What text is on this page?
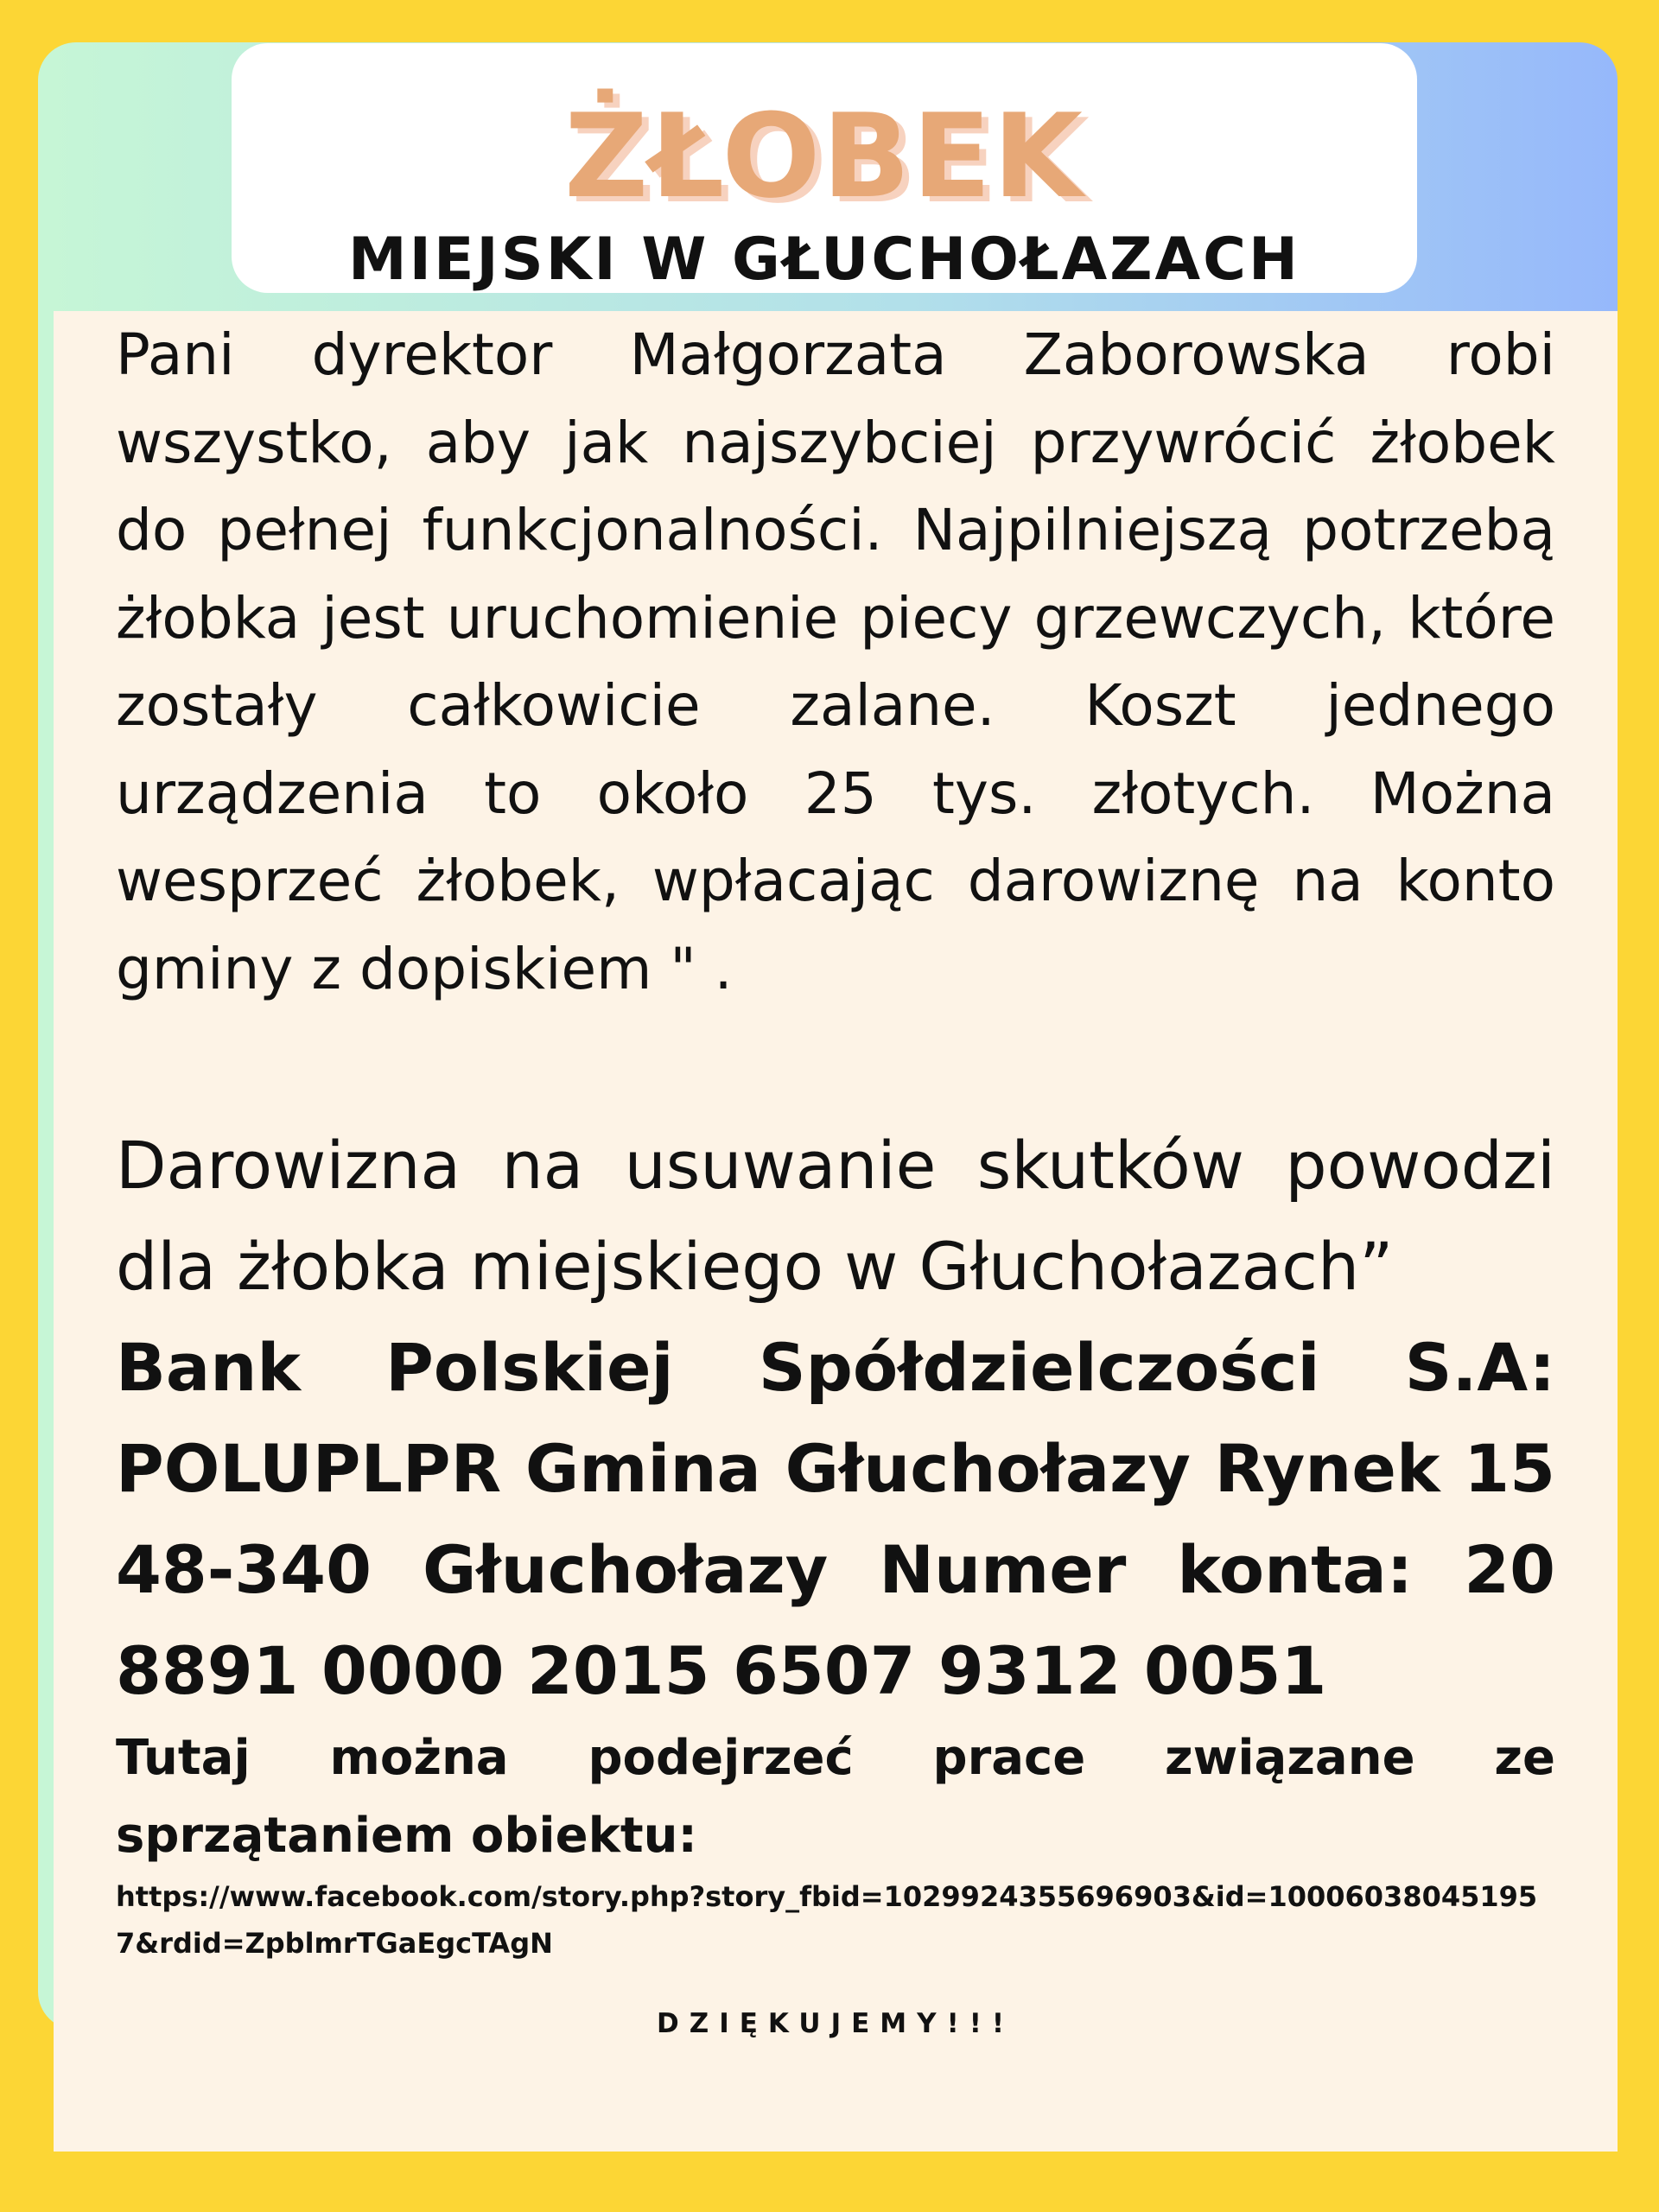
ŻŁOBEK
MIEJSKI W GŁUCHOŁAZACH

Pani dyrektor Małgorzata Zaborowska robi wszystko, aby jak najszybciej przywrócić żłobek do pełnej funkcjonalności. Najpilniejszą potrzebą żłobka jest uruchomienie piecy grzewczych, które zostały całkowicie zalane. Koszt jednego urządzenia to około 25 tys. złotych. Można wesprzeć żłobek, wpłacając darowiznę na konto gminy z dopiskiem " .

Darowizna na usuwanie skutków powodzi dla żłobka miejskiego w Głuchołazach”

Bank Polskiej Spółdzielczości S.A: POLUPLPR Gmina Głuchołazy Rynek 15 48-340 Głuchołazy Numer konta: 20 8891 0000 2015 6507 9312 0051

Tutaj można podejrzeć prace związane ze sprzątaniem obiektu:

https://www.facebook.com/story.php?story_fbid=1029924355696903&id=100060380451957&rdid=ZpblmrTGaEgcTAgN

DZIĘKUJEMY!!!
